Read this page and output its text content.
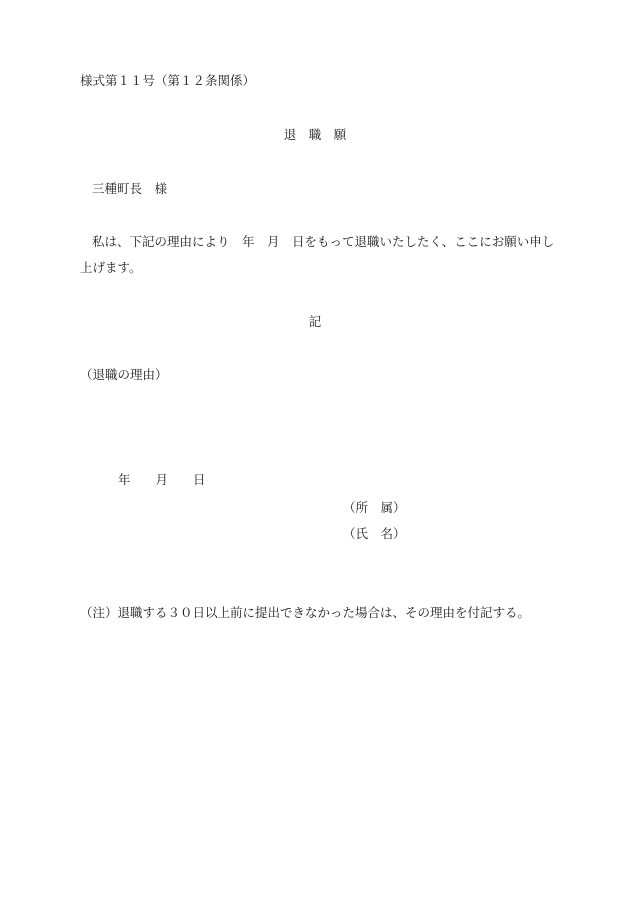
様式第１１号（第１２条関係）
退　職　願
三種町長　様
私は、下記の理由により　年　月　日をもって退職いたしたく、ここにお願い申し
上げます。
記
（退職の理由）
年　　月　　日
（所　属）
（氏　名）
（注）退職する３０日以上前に提出できなかった場合は、その理由を付記する。
